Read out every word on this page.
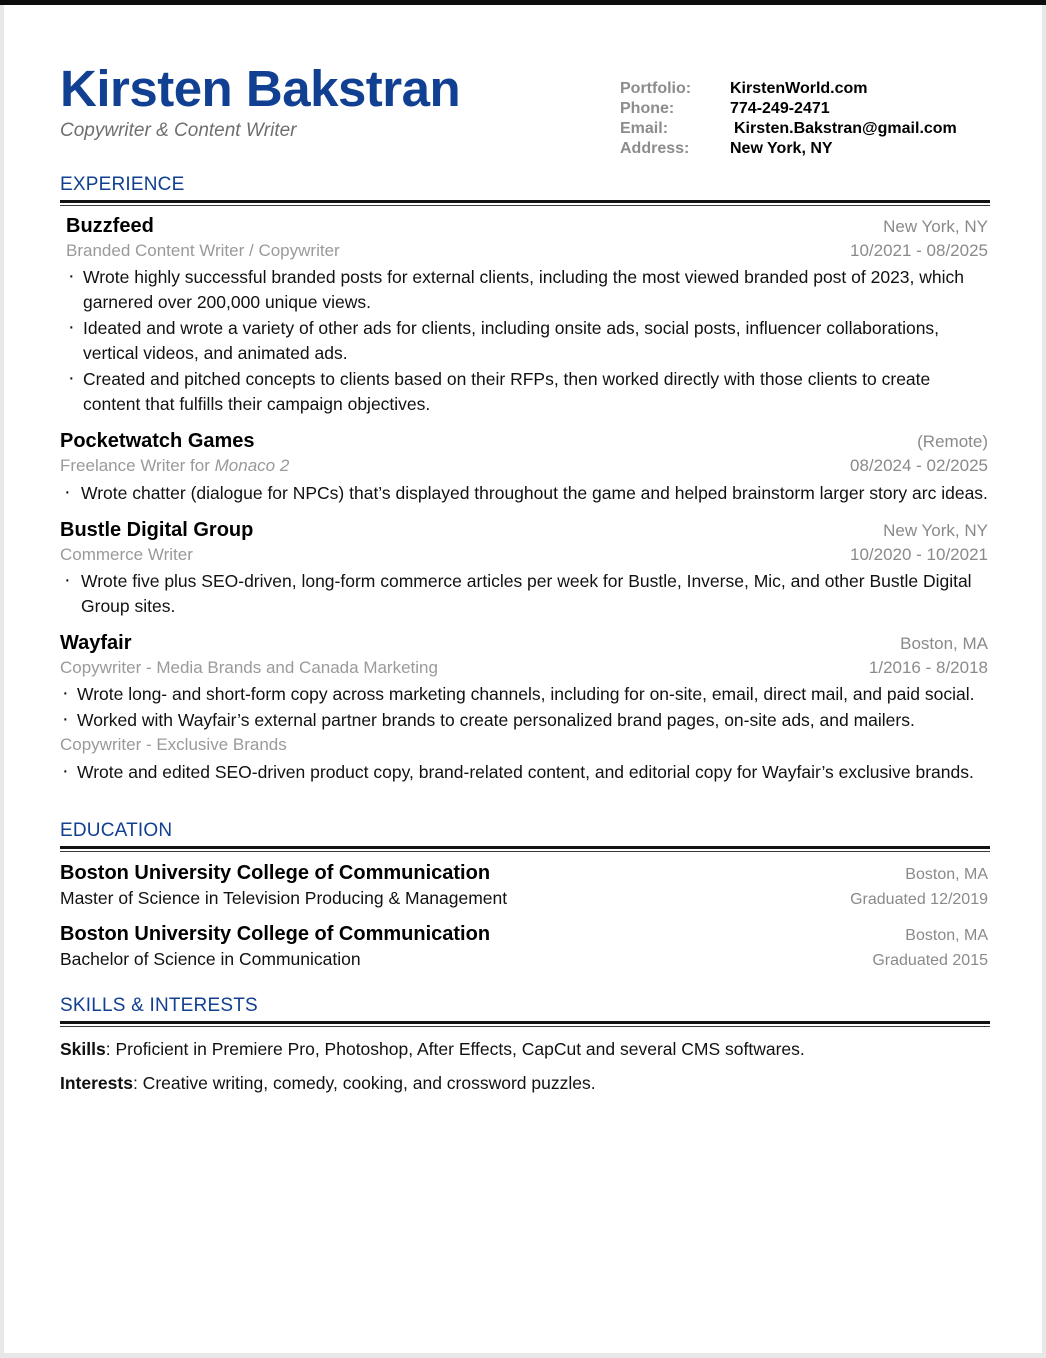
Kirsten Bakstran
Copywriter & Content Writer
Portfolio:	KirstenWorld.com
Phone:	774-249-2471
Email:	Kirsten.Bakstran@gmail.com
Address:	New York, NY
EXPERIENCE
Buzzfeed	New York, NY
Branded Content Writer / Copywriter	10/2021 - 08/2025
· Wrote highly successful branded posts for external clients, including the most viewed branded post of 2023, which garnered over 200,000 unique views.
· Ideated and wrote a variety of other ads for clients, including onsite ads, social posts, influencer collaborations, vertical videos, and animated ads.
· Created and pitched concepts to clients based on their RFPs, then worked directly with those clients to create content that fulfills their campaign objectives.
Pocketwatch Games	(Remote)
Freelance Writer for Monaco 2	08/2024 - 02/2025
· Wrote chatter (dialogue for NPCs) that’s displayed throughout the game and helped brainstorm larger story arc ideas.
Bustle Digital Group	New York, NY
Commerce Writer	10/2020 - 10/2021
· Wrote five plus SEO-driven, long-form commerce articles per week for Bustle, Inverse, Mic, and other Bustle Digital Group sites.
Wayfair	Boston, MA
Copywriter - Media Brands and Canada Marketing	1/2016 - 8/2018
· Wrote long- and short-form copy across marketing channels, including for on-site, email, direct mail, and paid social.
· Worked with Wayfair’s external partner brands to create personalized brand pages, on-site ads, and mailers.
Copywriter - Exclusive Brands
· Wrote and edited SEO-driven product copy, brand-related content, and editorial copy for Wayfair’s exclusive brands.
EDUCATION
Boston University College of Communication	Boston, MA
Master of Science in Television Producing & Management	Graduated 12/2019
Boston University College of Communication	Boston, MA
Bachelor of Science in Communication	Graduated 2015
SKILLS & INTERESTS
Skills: Proficient in Premiere Pro, Photoshop, After Effects, CapCut and several CMS softwares.
Interests: Creative writing, comedy, cooking, and crossword puzzles.
